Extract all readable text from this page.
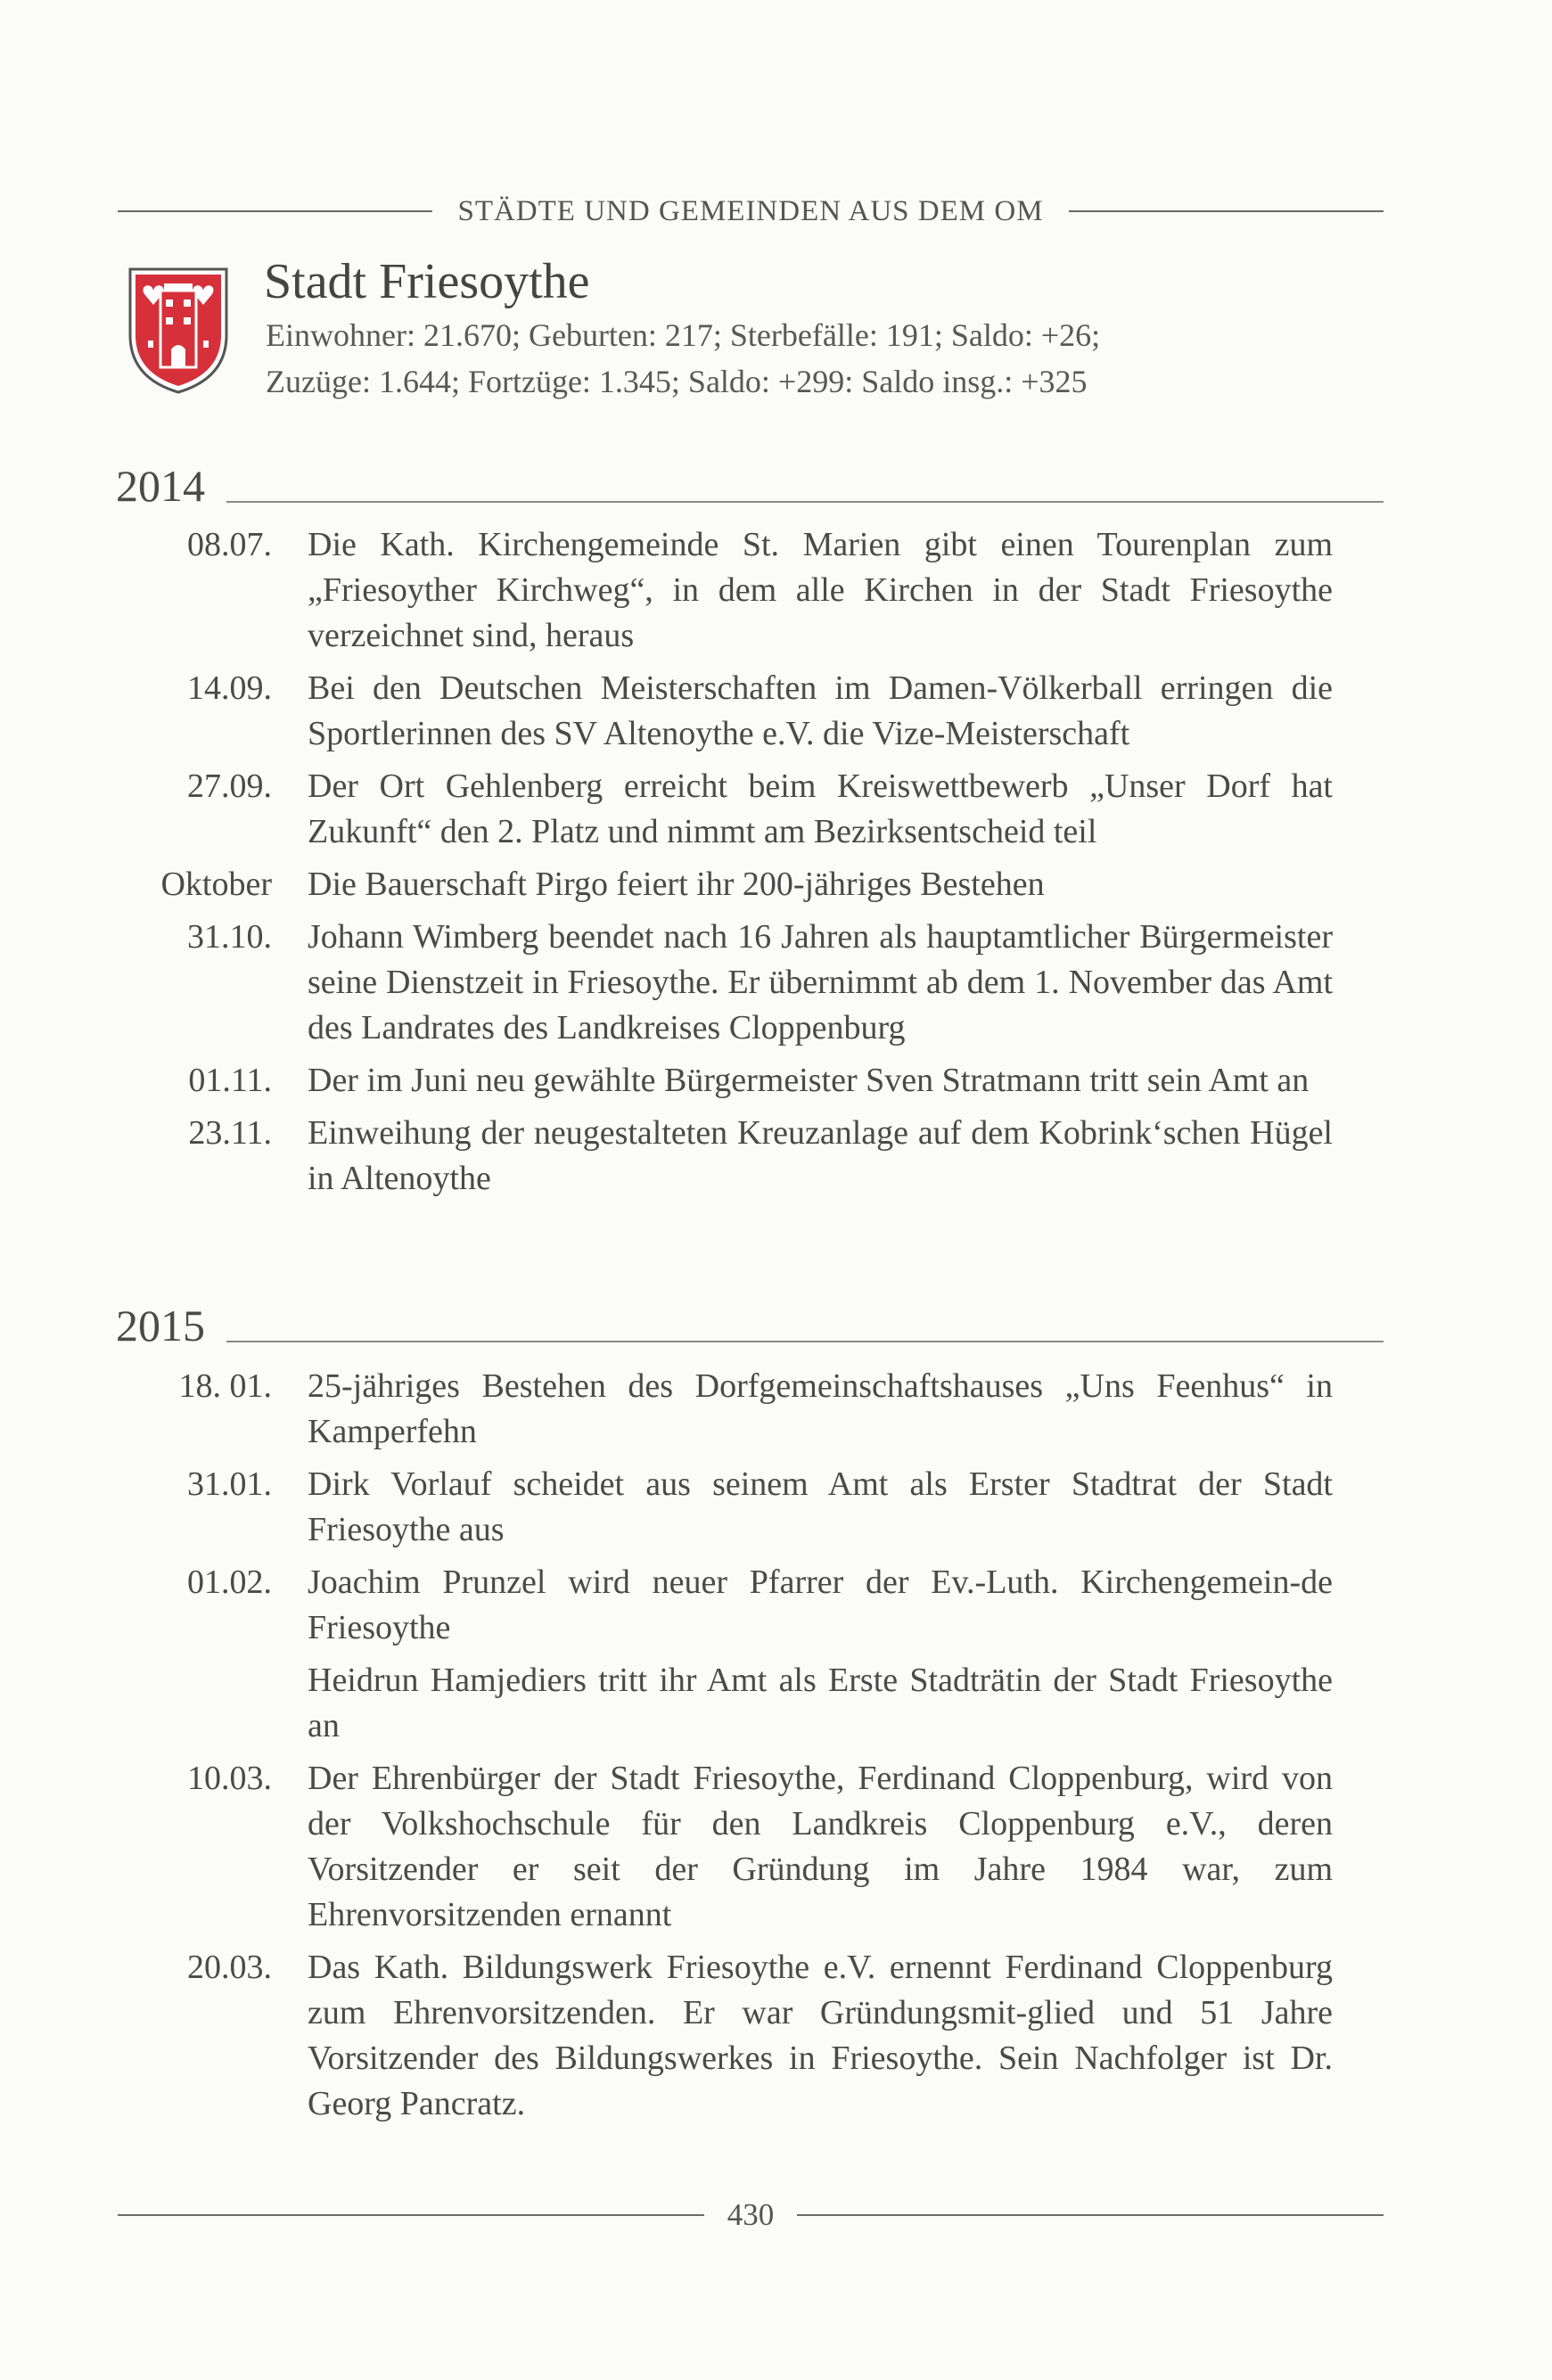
STÄDTE UND GEMEINDEN AUS DEM OM
Stadt Friesoythe
Einwohner: 21.670; Geburten: 217; Sterbefälle: 191; Saldo: +26;
Zuzüge: 1.644; Fortzüge: 1.345; Saldo: +299: Saldo insg.: +325
2014
08.07.	Die Kath. Kirchengemeinde St. Marien gibt einen Tourenplan zum „Friesoyther Kirchweg“, in dem alle Kirchen in der Stadt Friesoythe verzeichnet sind, heraus
14.09.	Bei den Deutschen Meisterschaften im Damen-Völkerball erringen die Sportlerinnen des SV Altenoythe e.V. die Vize-Meisterschaft
27.09.	Der Ort Gehlenberg erreicht beim Kreiswettbewerb „Unser Dorf hat Zukunft“ den 2. Platz und nimmt am Bezirksentscheid teil
Oktober	Die Bauerschaft Pirgo feiert ihr 200-jähriges Bestehen
31.10.	Johann Wimberg beendet nach 16 Jahren als hauptamtlicher Bürgermeister seine Dienstzeit in Friesoythe. Er übernimmt ab dem 1. November das Amt des Landrates des Landkreises Cloppenburg
01.11.	Der im Juni neu gewählte Bürgermeister Sven Stratmann tritt sein Amt an
23.11.	Einweihung der neugestalteten Kreuzanlage auf dem Kobrink‘schen Hügel in Altenoythe
2015
18. 01.	25-jähriges Bestehen des Dorfgemeinschaftshauses „Uns Feenhus“ in Kamperfehn
31.01.	Dirk Vorlauf scheidet aus seinem Amt als Erster Stadtrat der Stadt Friesoythe aus
01.02.	Joachim Prunzel wird neuer Pfarrer der Ev.-Luth. Kirchengemein-de Friesoythe
Heidrun Hamjediers tritt ihr Amt als Erste Stadträtin der Stadt Friesoythe an
10.03.	Der Ehrenbürger der Stadt Friesoythe, Ferdinand Cloppenburg, wird von der Volkshochschule für den Landkreis Cloppenburg e.V., deren Vorsitzender er seit der Gründung im Jahre 1984 war, zum Ehrenvorsitzenden ernannt
20.03.	Das Kath. Bildungswerk Friesoythe e.V. ernennt Ferdinand Cloppenburg zum Ehrenvorsitzenden. Er war Gründungsmit-glied und 51 Jahre Vorsitzender des Bildungswerkes in Friesoythe. Sein Nachfolger ist Dr. Georg Pancratz.
430
